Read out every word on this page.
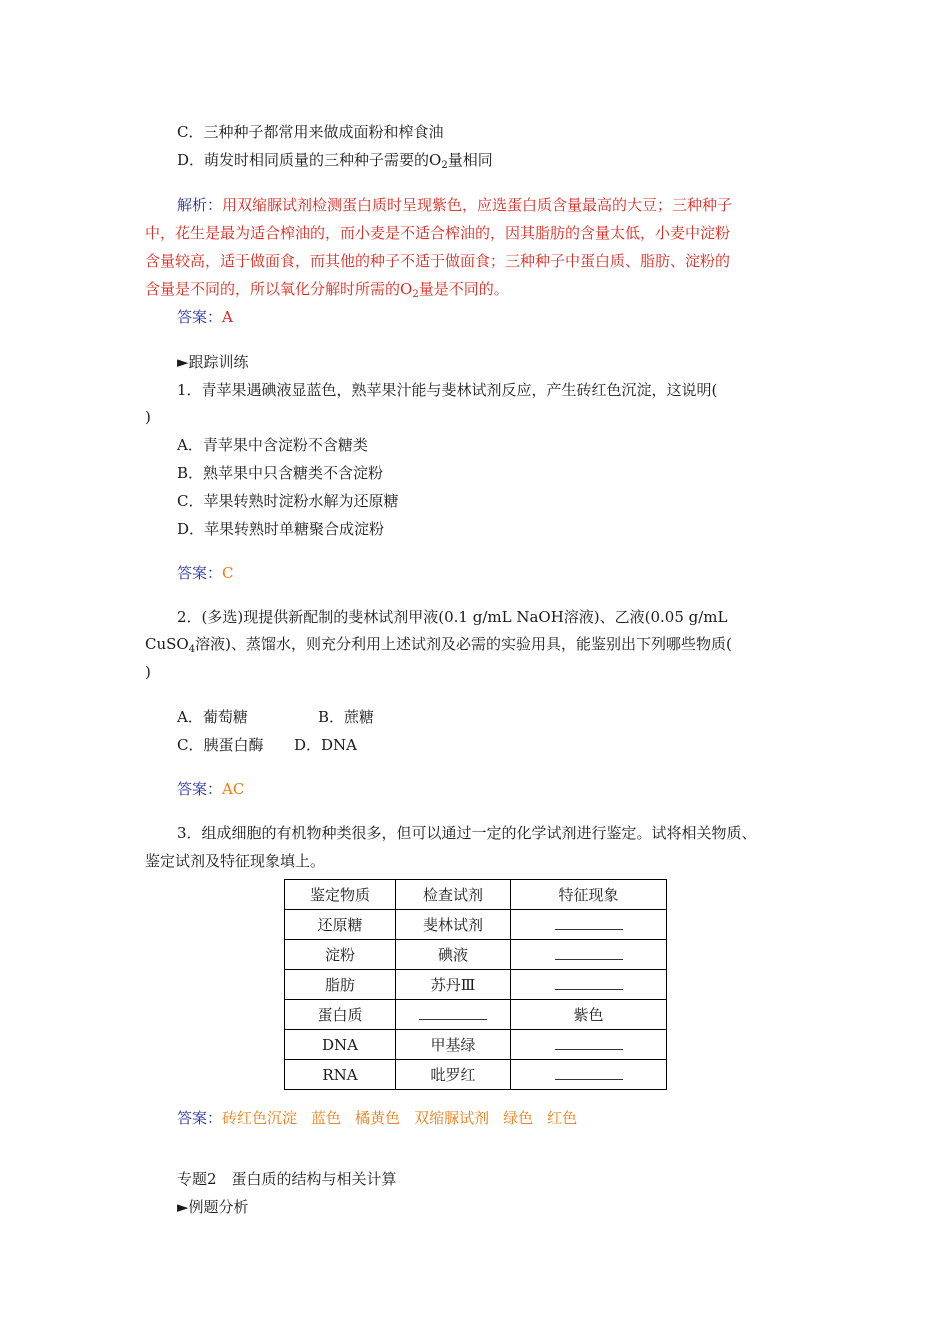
C．三种种子都常用来做成面粉和榨食油
D．萌发时相同质量的三种种子需要的$O_2$量相同
解析：用双缩脲试剂检测蛋白质时呈现紫色，应选蛋白质含量最高的大豆；三种种子
中，花生是最为适合榨油的，而小麦是不适合榨油的，因其脂肪的含量太低，小麦中淀粉
含量较高，适于做面食，而其他的种子不适于做面食；三种种子中蛋白质、脂肪、淀粉的
含量是不同的，所以氧化分解时所需的$O_2$量是不同的。
答案：A
►跟踪训练
1．青苹果遇碘液显蓝色，熟苹果汁能与斐林试剂反应，产生砖红色沉淀，这说明(
)
A．青苹果中含淀粉不含糖类
B．熟苹果中只含糖类不含淀粉
C．苹果转熟时淀粉水解为还原糖
D．苹果转熟时单糖聚合成淀粉
答案：C
2．(多选)现提供新配制的斐林试剂甲液(0.1 g/mL NaOH溶液)、乙液(0.05 g/mL
CuSO$_4$溶液)、蒸馏水，则充分利用上述试剂及必需的实验用具，能鉴别出下列哪些物质(
)
A．葡萄糖	B．蔗糖
C．胰蛋白酶 D．DNA
答案：AC
3．组成细胞的有机物种类很多，但可以通过一定的化学试剂进行鉴定。试将相关物质、
鉴定试剂及特征现象填上。
鉴定物质	检查试剂	特征现象
还原糖	斐林试剂	
淀粉	碘液	
脂肪	苏丹Ⅲ	
蛋白质		紫色
DNA	甲基绿	
RNA	吡罗红	
答案：砖红色沉淀 蓝色 橘黄色 双缩脲试剂 绿色 红色
专题2　蛋白质的结构与相关计算
►例题分析
